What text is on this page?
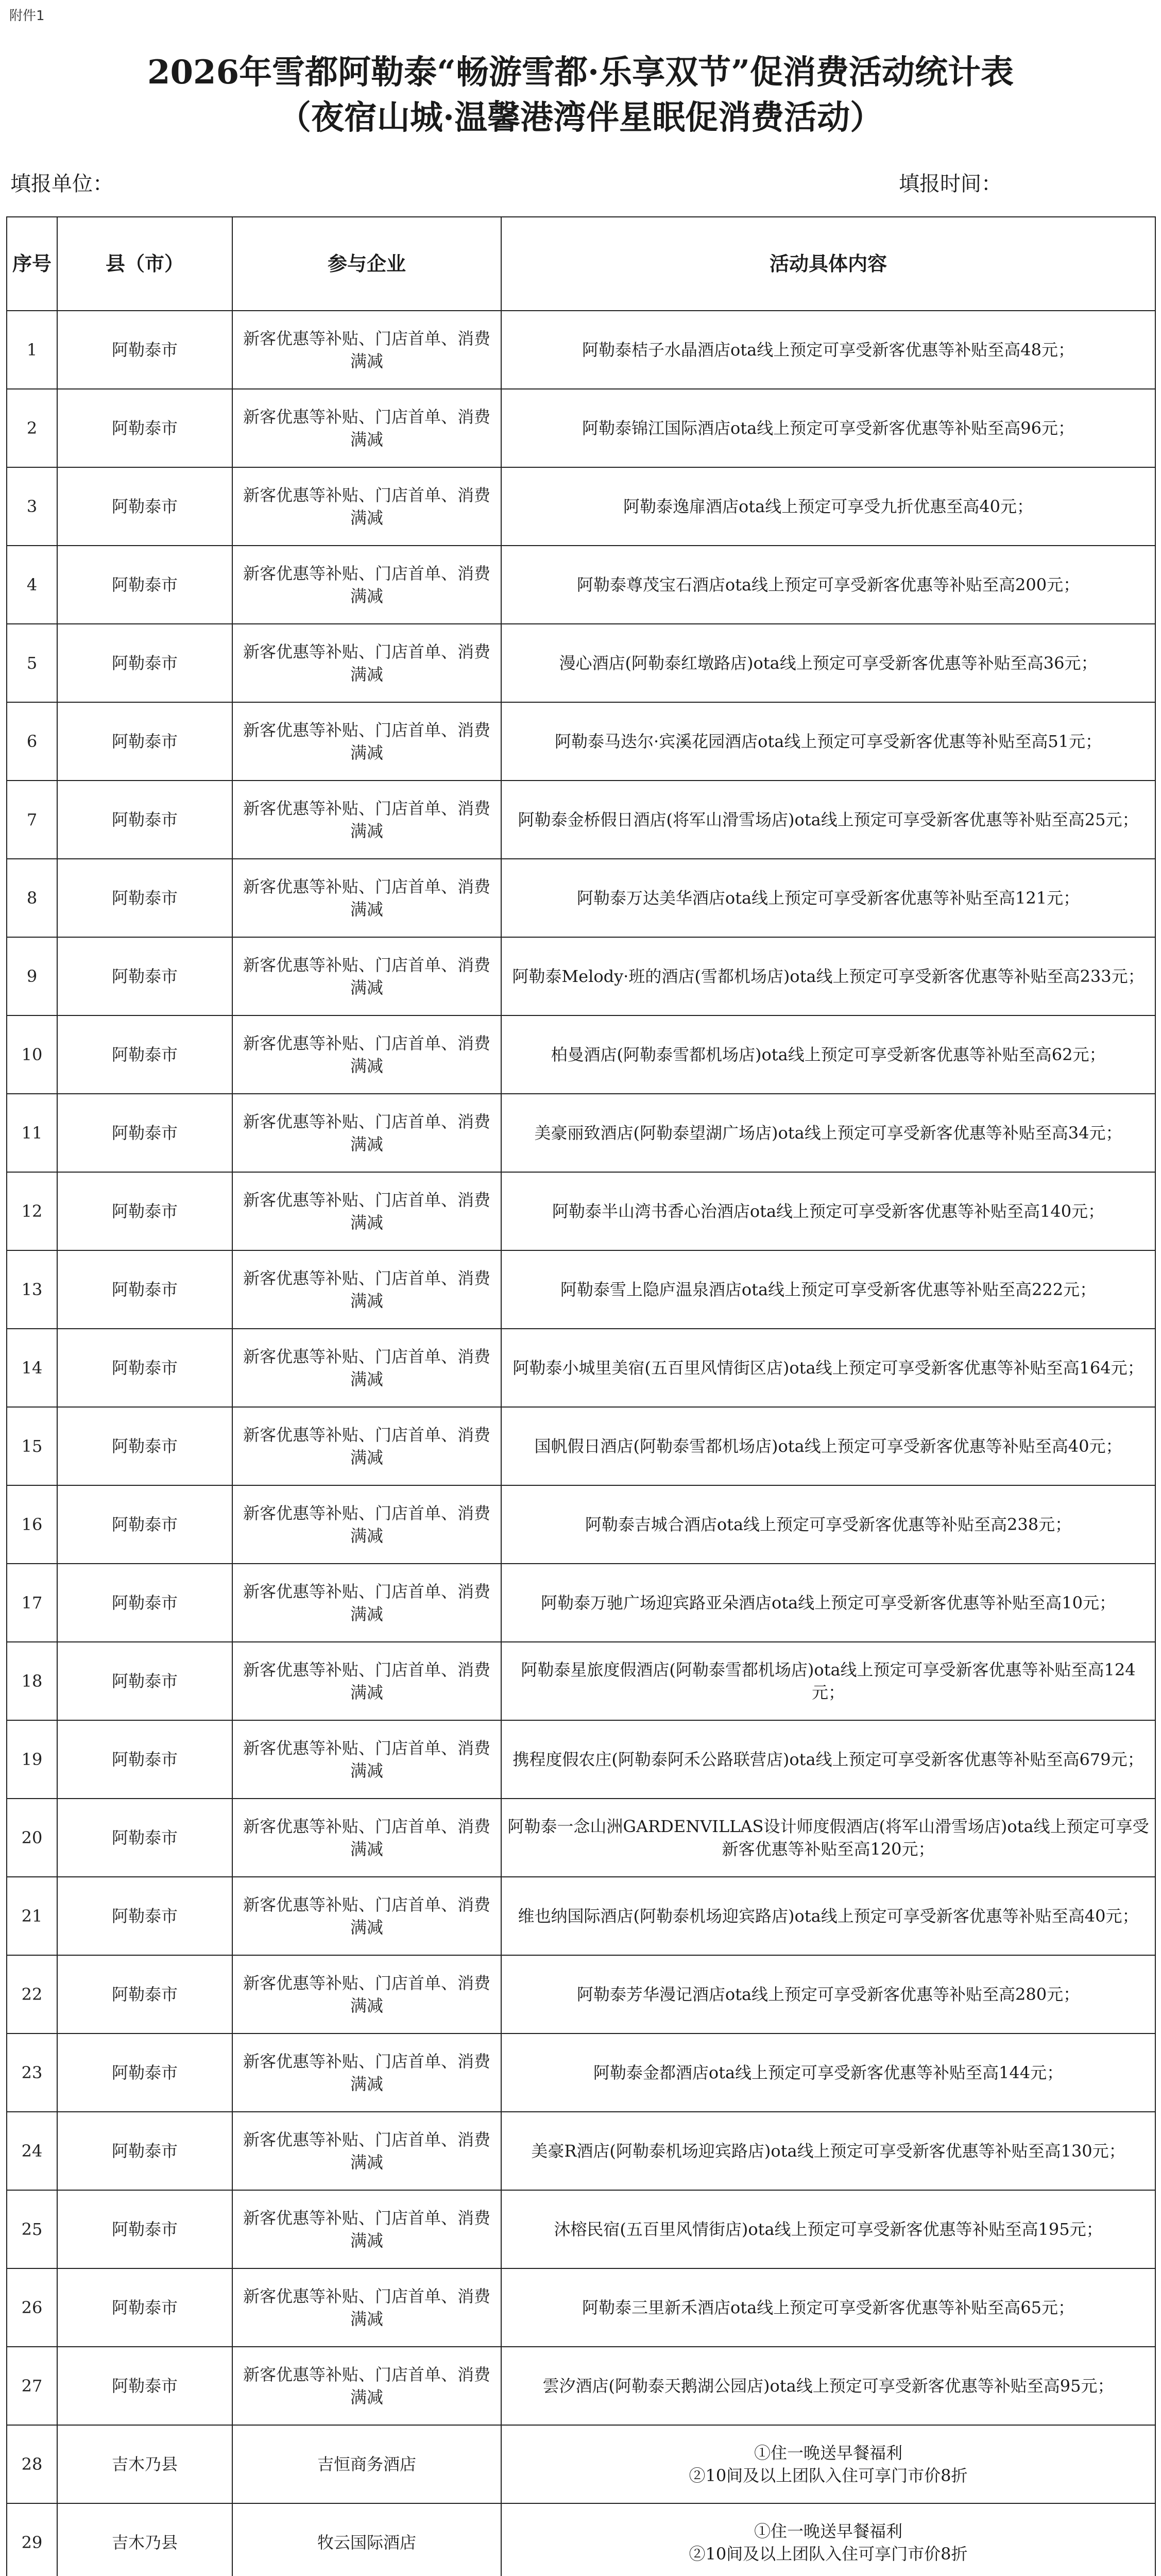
附件1
2026年雪都阿勒泰“畅游雪都·乐享双节”促消费活动统计表
（夜宿山城·温馨港湾伴星眠促消费活动）
填报单位：	填报时间：
序号	县（市）	参与企业	活动具体内容
1	阿勒泰市	新客优惠等补贴、门店首单、消费满减	阿勒泰桔子水晶酒店ota线上预定可享受新客优惠等补贴至高48元；
2	阿勒泰市	新客优惠等补贴、门店首单、消费满减	阿勒泰锦江国际酒店ota线上预定可享受新客优惠等补贴至高96元；
3	阿勒泰市	新客优惠等补贴、门店首单、消费满减	阿勒泰逸扉酒店ota线上预定可享受九折优惠至高40元；
4	阿勒泰市	新客优惠等补贴、门店首单、消费满减	阿勒泰尊茂宝石酒店ota线上预定可享受新客优惠等补贴至高200元；
5	阿勒泰市	新客优惠等补贴、门店首单、消费满减	漫心酒店(阿勒泰红墩路店)ota线上预定可享受新客优惠等补贴至高36元；
6	阿勒泰市	新客优惠等补贴、门店首单、消费满减	阿勒泰马迭尔·宾溪花园酒店ota线上预定可享受新客优惠等补贴至高51元；
7	阿勒泰市	新客优惠等补贴、门店首单、消费满减	阿勒泰金桥假日酒店(将军山滑雪场店)ota线上预定可享受新客优惠等补贴至高25元；
8	阿勒泰市	新客优惠等补贴、门店首单、消费满减	阿勒泰万达美华酒店ota线上预定可享受新客优惠等补贴至高121元；
9	阿勒泰市	新客优惠等补贴、门店首单、消费满减	阿勒泰Melody·班的酒店(雪都机场店)ota线上预定可享受新客优惠等补贴至高233元；
10	阿勒泰市	新客优惠等补贴、门店首单、消费满减	柏曼酒店(阿勒泰雪都机场店)ota线上预定可享受新客优惠等补贴至高62元；
11	阿勒泰市	新客优惠等补贴、门店首单、消费满减	美豪丽致酒店(阿勒泰望湖广场店)ota线上预定可享受新客优惠等补贴至高34元；
12	阿勒泰市	新客优惠等补贴、门店首单、消费满减	阿勒泰半山湾书香心治酒店ota线上预定可享受新客优惠等补贴至高140元；
13	阿勒泰市	新客优惠等补贴、门店首单、消费满减	阿勒泰雪上隐庐温泉酒店ota线上预定可享受新客优惠等补贴至高222元；
14	阿勒泰市	新客优惠等补贴、门店首单、消费满减	阿勒泰小城里美宿(五百里风情街区店)ota线上预定可享受新客优惠等补贴至高164元；
15	阿勒泰市	新客优惠等补贴、门店首单、消费满减	国帆假日酒店(阿勒泰雪都机场店)ota线上预定可享受新客优惠等补贴至高40元；
16	阿勒泰市	新客优惠等补贴、门店首单、消费满减	阿勒泰吉城合酒店ota线上预定可享受新客优惠等补贴至高238元；
17	阿勒泰市	新客优惠等补贴、门店首单、消费满减	阿勒泰万驰广场迎宾路亚朵酒店ota线上预定可享受新客优惠等补贴至高10元；
18	阿勒泰市	新客优惠等补贴、门店首单、消费满减	阿勒泰星旅度假酒店(阿勒泰雪都机场店)ota线上预定可享受新客优惠等补贴至高124元；
19	阿勒泰市	新客优惠等补贴、门店首单、消费满减	携程度假农庄(阿勒泰阿禾公路联营店)ota线上预定可享受新客优惠等补贴至高679元；
20	阿勒泰市	新客优惠等补贴、门店首单、消费满减	阿勒泰一念山洲GARDENVILLAS设计师度假酒店(将军山滑雪场店)ota线上预定可享受新客优惠等补贴至高120元；
21	阿勒泰市	新客优惠等补贴、门店首单、消费满减	维也纳国际酒店(阿勒泰机场迎宾路店)ota线上预定可享受新客优惠等补贴至高40元；
22	阿勒泰市	新客优惠等补贴、门店首单、消费满减	阿勒泰芳华漫记酒店ota线上预定可享受新客优惠等补贴至高280元；
23	阿勒泰市	新客优惠等补贴、门店首单、消费满减	阿勒泰金都酒店ota线上预定可享受新客优惠等补贴至高144元；
24	阿勒泰市	新客优惠等补贴、门店首单、消费满减	美豪R酒店(阿勒泰机场迎宾路店)ota线上预定可享受新客优惠等补贴至高130元；
25	阿勒泰市	新客优惠等补贴、门店首单、消费满减	沐榕民宿(五百里风情街店)ota线上预定可享受新客优惠等补贴至高195元；
26	阿勒泰市	新客优惠等补贴、门店首单、消费满减	阿勒泰三里新禾酒店ota线上预定可享受新客优惠等补贴至高65元；
27	阿勒泰市	新客优惠等补贴、门店首单、消费满减	雲汐酒店(阿勒泰天鹅湖公园店)ota线上预定可享受新客优惠等补贴至高95元；
28	吉木乃县	吉恒商务酒店	①住一晚送早餐福利
②10间及以上团队入住可享门市价8折
29	吉木乃县	牧云国际酒店	①住一晚送早餐福利
②10间及以上团队入住可享门市价8折
